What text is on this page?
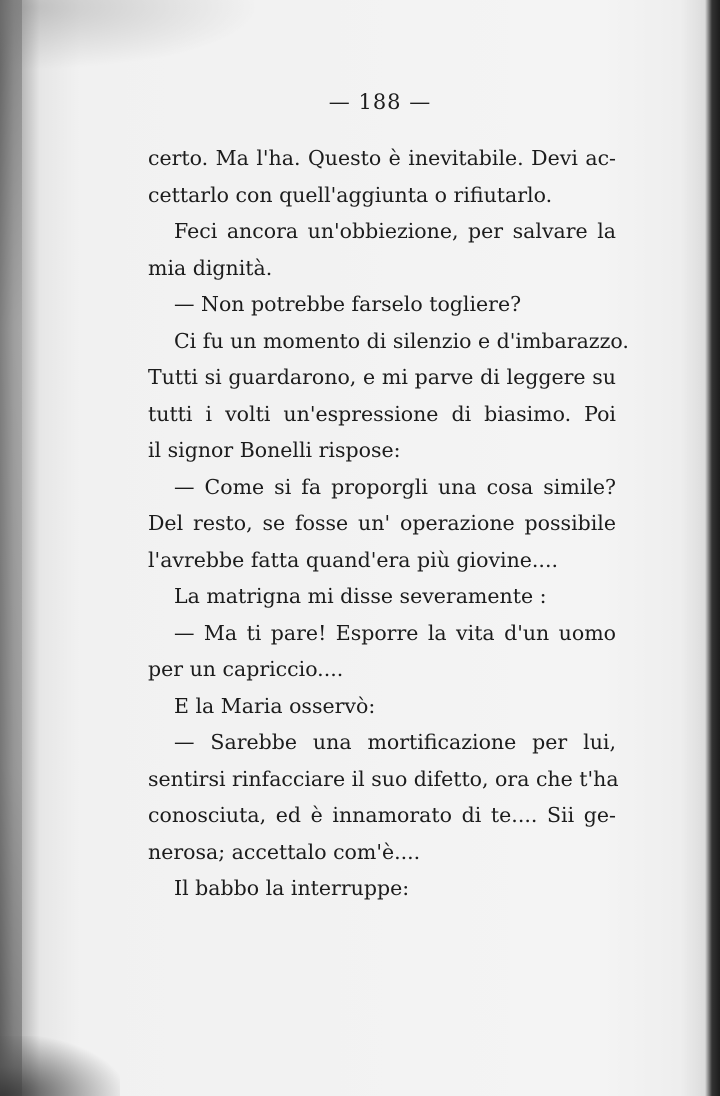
— 188 —
certo. Ma l'ha. Questo è inevitabile. Devi ac-
cettarlo con quell'aggiunta o rifiutarlo.
Feci ancora un'obbiezione, per salvare la
mia dignità.
— Non potrebbe farselo togliere?
Ci fu un momento di silenzio e d'imbarazzo.
Tutti si guardarono, e mi parve di leggere su
tutti i volti un'espressione di biasimo. Poi
il signor Bonelli rispose:
— Come si fa proporgli una cosa simile?
Del resto, se fosse un' operazione possibile
l'avrebbe fatta quand'era più giovine....
La matrigna mi disse severamente :
— Ma ti pare! Esporre la vita d'un uomo
per un capriccio....
E la Maria osservò:
— Sarebbe una mortificazione per lui,
sentirsi rinfacciare il suo difetto, ora che t'ha
conosciuta, ed è innamorato di te.... Sii ge-
nerosa; accettalo com'è....
Il babbo la interruppe:
